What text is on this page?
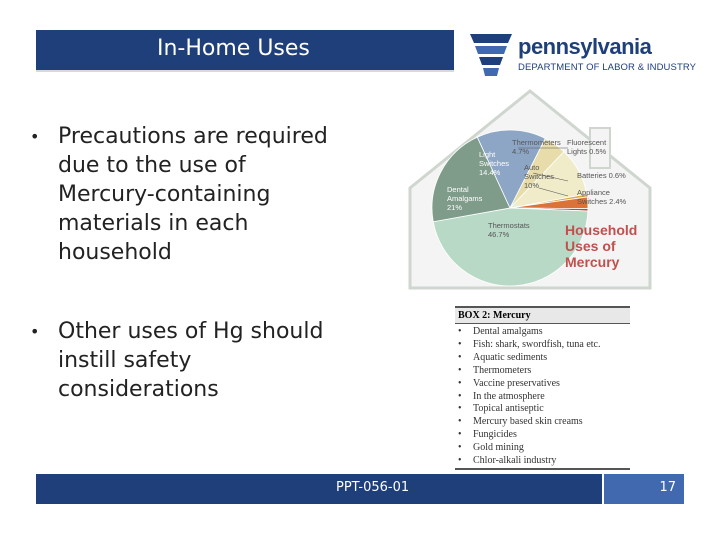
In-Home Uses	pennsylvania
DEPARTMENT OF LABOR & INDUSTRY
• Precautions are required due to the use of Mercury-containing materials in each household
• Other uses of Hg should instill safety considerations
Thermometers 4.7%
Light Switches 14.4%
Auto Switches 10%
Fluorescent Lights 0.5%
Batteries 0.6%
Appliance Switches 2.4%
Dental Amalgams 21%
Thermostats 46.7%	Household
Uses of
Mercury
BOX 2: Mercury
• Dental amalgams
• Fish: shark, swordfish, tuna etc.
• Aquatic sediments
• Thermometers
• Vaccine preservatives
• In the atmosphere
• Topical antiseptic
• Mercury based skin creams
• Fungicides
• Gold mining
• Chlor-alkali industry
PPT-056-01	17
